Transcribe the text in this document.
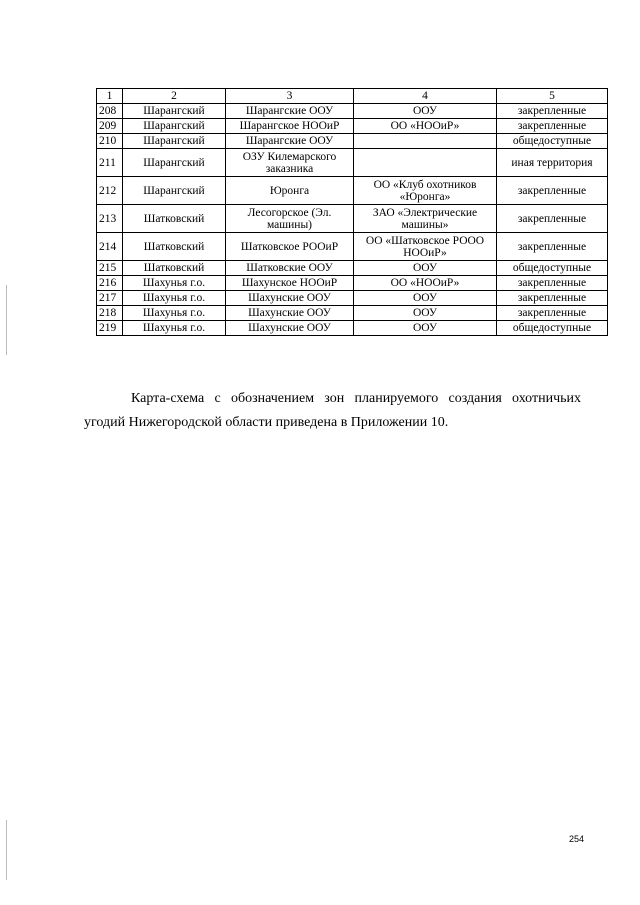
1	2	3	4	5
208	Шарангский	Шарангские ООУ	ООУ	закрепленные
209	Шарангский	Шарангское НООиР	ОО «НООиР»	закрепленные
210	Шарангский	Шарангские ООУ		общедоступные
211	Шарангский	ОЗУ Килемарского заказника		иная территория
212	Шарангский	Юронга	ОО «Клуб охотников «Юронга»	закрепленные
213	Шатковский	Лесогорское (Эл. машины)	ЗАО «Электрические машины»	закрепленные
214	Шатковский	Шатковское РООиР	ОО «Шатковское РООО НООиР»	закрепленные
215	Шатковский	Шатковские ООУ	ООУ	общедоступные
216	Шахунья г.о.	Шахунское НООиР	ОО «НООиР»	закрепленные
217	Шахунья г.о.	Шахунские ООУ	ООУ	закрепленные
218	Шахунья г.о.	Шахунские ООУ	ООУ	закрепленные
219	Шахунья г.о.	Шахунские ООУ	ООУ	общедоступные

Карта-схема с обозначением зон планируемого создания охотничьих угодий Нижегородской области приведена в Приложении 10.

254
